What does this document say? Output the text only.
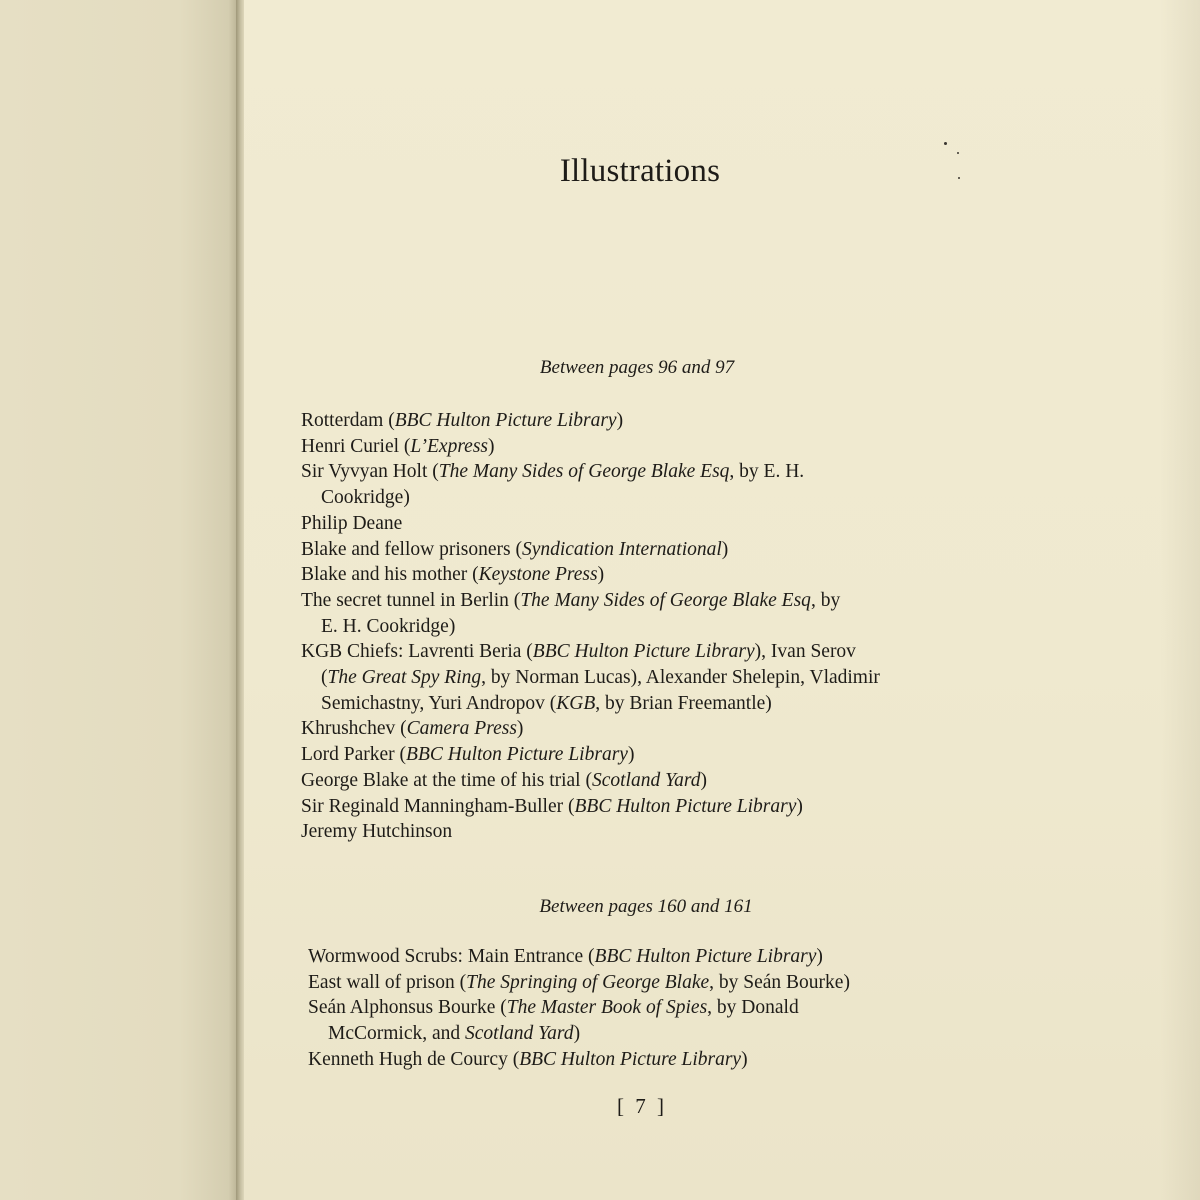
Illustrations
Between pages 96 and 97
Rotterdam (BBC Hulton Picture Library)
Henri Curiel (L’Express)
Sir Vyvyan Holt (The Many Sides of George Blake Esq, by E. H.
Cookridge)
Philip Deane
Blake and fellow prisoners (Syndication International)
Blake and his mother (Keystone Press)
The secret tunnel in Berlin (The Many Sides of George Blake Esq, by
E. H. Cookridge)
KGB Chiefs: Lavrenti Beria (BBC Hulton Picture Library), Ivan Serov
(The Great Spy Ring, by Norman Lucas), Alexander Shelepin, Vladimir
Semichastny, Yuri Andropov (KGB, by Brian Freemantle)
Khrushchev (Camera Press)
Lord Parker (BBC Hulton Picture Library)
George Blake at the time of his trial (Scotland Yard)
Sir Reginald Manningham-Buller (BBC Hulton Picture Library)
Jeremy Hutchinson
Between pages 160 and 161
Wormwood Scrubs: Main Entrance (BBC Hulton Picture Library)
East wall of prison (The Springing of George Blake, by Seán Bourke)
Seán Alphonsus Bourke (The Master Book of Spies, by Donald
McCormick, and Scotland Yard)
Kenneth Hugh de Courcy (BBC Hulton Picture Library)
[ 7 ]
